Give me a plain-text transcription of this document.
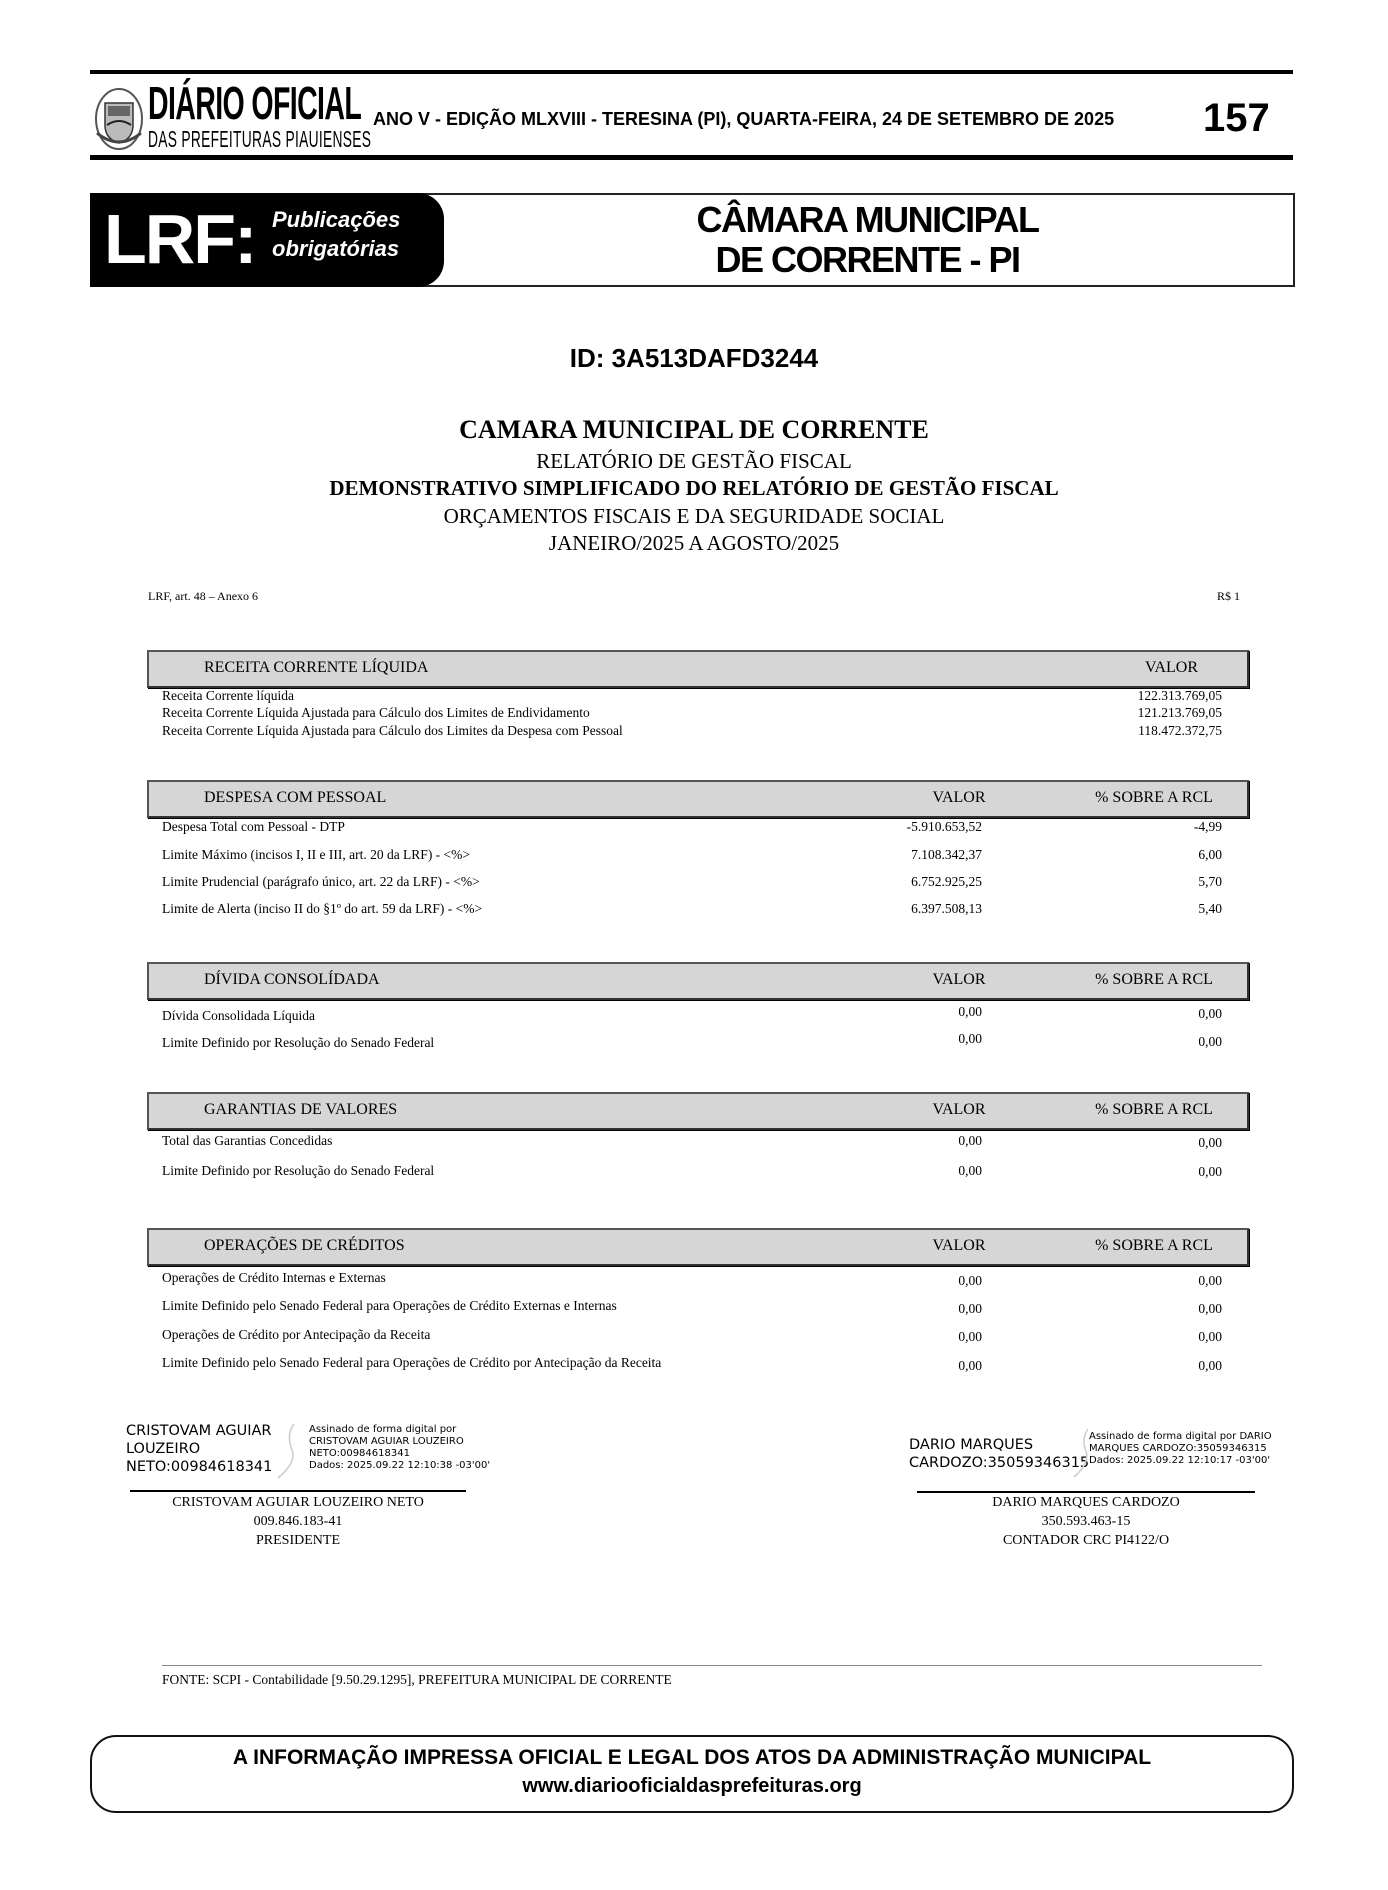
DIÁRIO OFICIAL
DAS PREFEITURAS PIAUIENSES
ANO V - EDIÇÃO MLXVIII - TERESINA (PI), QUARTA-FEIRA, 24 DE SETEMBRO DE 2025 157
LRF: Publicações
obrigatórias
CÂMARA MUNICIPAL
DE CORRENTE - PI
ID: 3A513DAFD3244
CAMARA MUNICIPAL DE CORRENTE
RELATÓRIO DE GESTÃO FISCAL
DEMONSTRATIVO SIMPLIFICADO DO RELATÓRIO DE GESTÃO FISCAL
ORÇAMENTOS FISCAIS E DA SEGURIDADE SOCIAL
JANEIRO/2025 A AGOSTO/2025
LRF, art. 48 – Anexo 6	R$ 1
RECEITA CORRENTE LÍQUIDA	VALOR
Receita Corrente líquida	122.313.769,05
Receita Corrente Líquida Ajustada para Cálculo dos Limites de Endividamento	121.213.769,05
Receita Corrente Líquida Ajustada para Cálculo dos Limites da Despesa com Pessoal	118.472.372,75
DESPESA COM PESSOAL	VALOR	% SOBRE A RCL
Despesa Total com Pessoal - DTP	-5.910.653,52	-4,99
Limite Máximo (incisos I, II e III, art. 20 da LRF) - <%>	7.108.342,37	6,00
Limite Prudencial (parágrafo único, art. 22 da LRF) - <%>	6.752.925,25	5,70
Limite de Alerta (inciso II do §1º do art. 59 da LRF) - <%>	6.397.508,13	5,40
DÍVIDA CONSOLÍDADA	VALOR	% SOBRE A RCL
Dívida Consolidada Líquida	0,00	0,00
Limite Definido por Resolução do Senado Federal	0,00	0,00
GARANTIAS DE VALORES	VALOR	% SOBRE A RCL
Total das Garantias Concedidas	0,00	0,00
Limite Definido por Resolução do Senado Federal	0,00	0,00
OPERAÇÕES DE CRÉDITOS	VALOR	% SOBRE A RCL
Operações de Crédito Internas e Externas	0,00	0,00
Limite Definido pelo Senado Federal para Operações de Crédito Externas e Internas	0,00	0,00
Operações de Crédito por Antecipação da Receita	0,00	0,00
Limite Definido pelo Senado Federal para Operações de Crédito por Antecipação da Receita	0,00	0,00
CRISTOVAM AGUIAR
LOUZEIRO
NETO:00984618341
Assinado de forma digital por
CRISTOVAM AGUIAR LOUZEIRO
NETO:00984618341
Dados: 2025.09.22 12:10:38 -03'00'
CRISTOVAM AGUIAR LOUZEIRO NETO
009.846.183-41
PRESIDENTE
DARIO MARQUES
CARDOZO:35059346315
Assinado de forma digital por DARIO
MARQUES CARDOZO:35059346315
Dados: 2025.09.22 12:10:17 -03'00'
DARIO MARQUES CARDOZO
350.593.463-15
CONTADOR CRC PI4122/O
FONTE: SCPI - Contabilidade [9.50.29.1295], PREFEITURA MUNICIPAL DE CORRENTE
A INFORMAÇÃO IMPRESSA OFICIAL E LEGAL DOS ATOS DA ADMINISTRAÇÃO MUNICIPAL
www.diariooficialdasprefeituras.org
